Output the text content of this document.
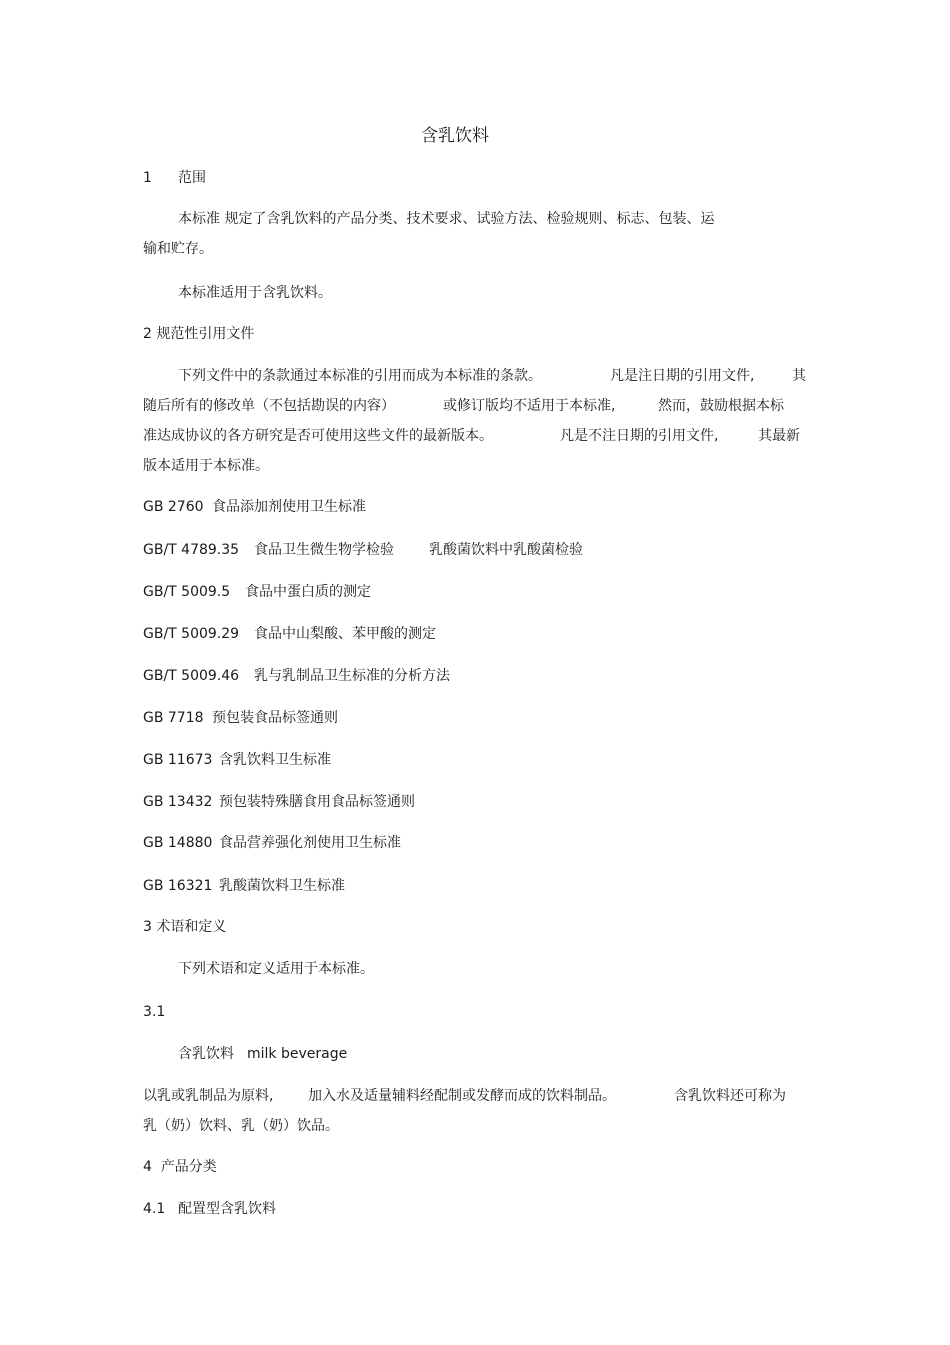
含乳饮料
1 范围
本标准 规定了含乳饮料的产品分类、技术要求、试验方法、检验规则、标志、包装、运
输和贮存。
本标准适用于含乳饮料。
2 规范性引用文件
下列文件中的条款通过本标准的引用而成为本标准的条款。	凡是注日期的引用文件,	其
随后所有的修改单（不包括勘误的内容）	或修订版均不适用于本标准,	然而，鼓励根据本标
准达成协议的各方研究是否可使用这些文件的最新版本。	凡是不注日期的引用文件,	其最新
版本适用于本标准。
GB 2760 食品添加剂使用卫生标准
GB/T 4789.35 食品卫生微生物学检验	乳酸菌饮料中乳酸菌检验
GB/T 5009.5 食品中蛋白质的测定
GB/T 5009.29 食品中山梨酸、苯甲酸的测定
GB/T 5009.46 乳与乳制品卫生标准的分析方法
GB 7718 预包装食品标签通则
GB 11673 含乳饮料卫生标准
GB 13432 预包装特殊膳食用食品标签通则
GB 14880 食品营养强化剂使用卫生标准
GB 16321 乳酸菌饮料卫生标准
3 术语和定义
下列术语和定义适用于本标准。
3.1
含乳饮料 milk beverage
以乳或乳制品为原料, 加入水及适量辅料经配制或发酵而成的饮料制品。	含乳饮料还可称为
乳（奶）饮料、乳（奶）饮品。
4  产品分类
4.1 配置型含乳饮料
